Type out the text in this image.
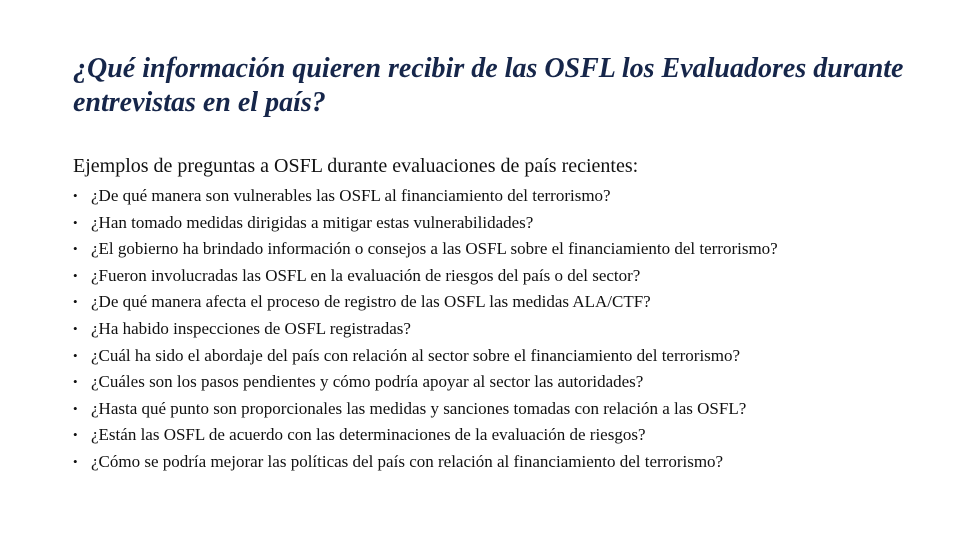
¿Qué información quieren recibir de las OSFL los Evaluadores durante entrevistas en el país?

Ejemplos de preguntas a OSFL durante evaluaciones de país recientes:

• ¿De qué manera son vulnerables las OSFL al financiamiento del terrorismo?
• ¿Han tomado medidas dirigidas a mitigar estas vulnerabilidades?
• ¿El gobierno ha brindado información o consejos a las OSFL sobre el financiamiento del terrorismo?
• ¿Fueron involucradas las OSFL en la evaluación de riesgos del país o del sector?
• ¿De qué manera afecta el proceso de registro de las OSFL las medidas ALA/CTF?
• ¿Ha habido inspecciones de OSFL registradas?
• ¿Cuál ha sido el abordaje del país con relación al sector sobre el financiamiento del terrorismo?
• ¿Cuáles son los pasos pendientes y cómo podría apoyar al sector las autoridades?
• ¿Hasta qué punto son proporcionales las medidas y sanciones tomadas con relación a las OSFL?
• ¿Están las OSFL de acuerdo con las determinaciones de la evaluación de riesgos?
• ¿Cómo se podría mejorar las políticas del país con relación al financiamiento del terrorismo?
